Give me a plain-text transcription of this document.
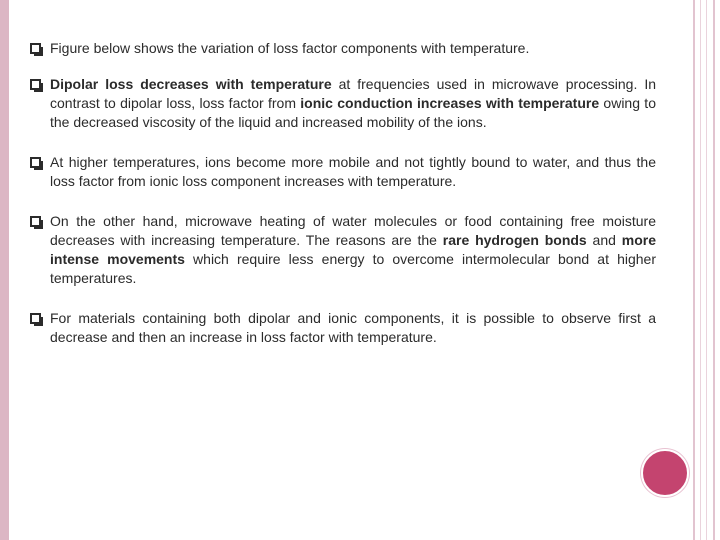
Figure below shows the variation of loss factor components with temperature.
Dipolar loss decreases with temperature at frequencies used in microwave processing. In contrast to dipolar loss, loss factor from ionic conduction increases with temperature owing to the decreased viscosity of the liquid and increased mobility of the ions.
At higher temperatures, ions become more mobile and not tightly bound to water, and thus the loss factor from ionic loss component increases with temperature.
On the other hand, microwave heating of water molecules or food containing free moisture decreases with increasing temperature. The reasons are the rare hydrogen bonds and more intense movements which require less energy to overcome intermolecular bond at higher temperatures.
For materials containing both dipolar and ionic components, it is possible to observe first a decrease and then an increase in loss factor with temperature.
